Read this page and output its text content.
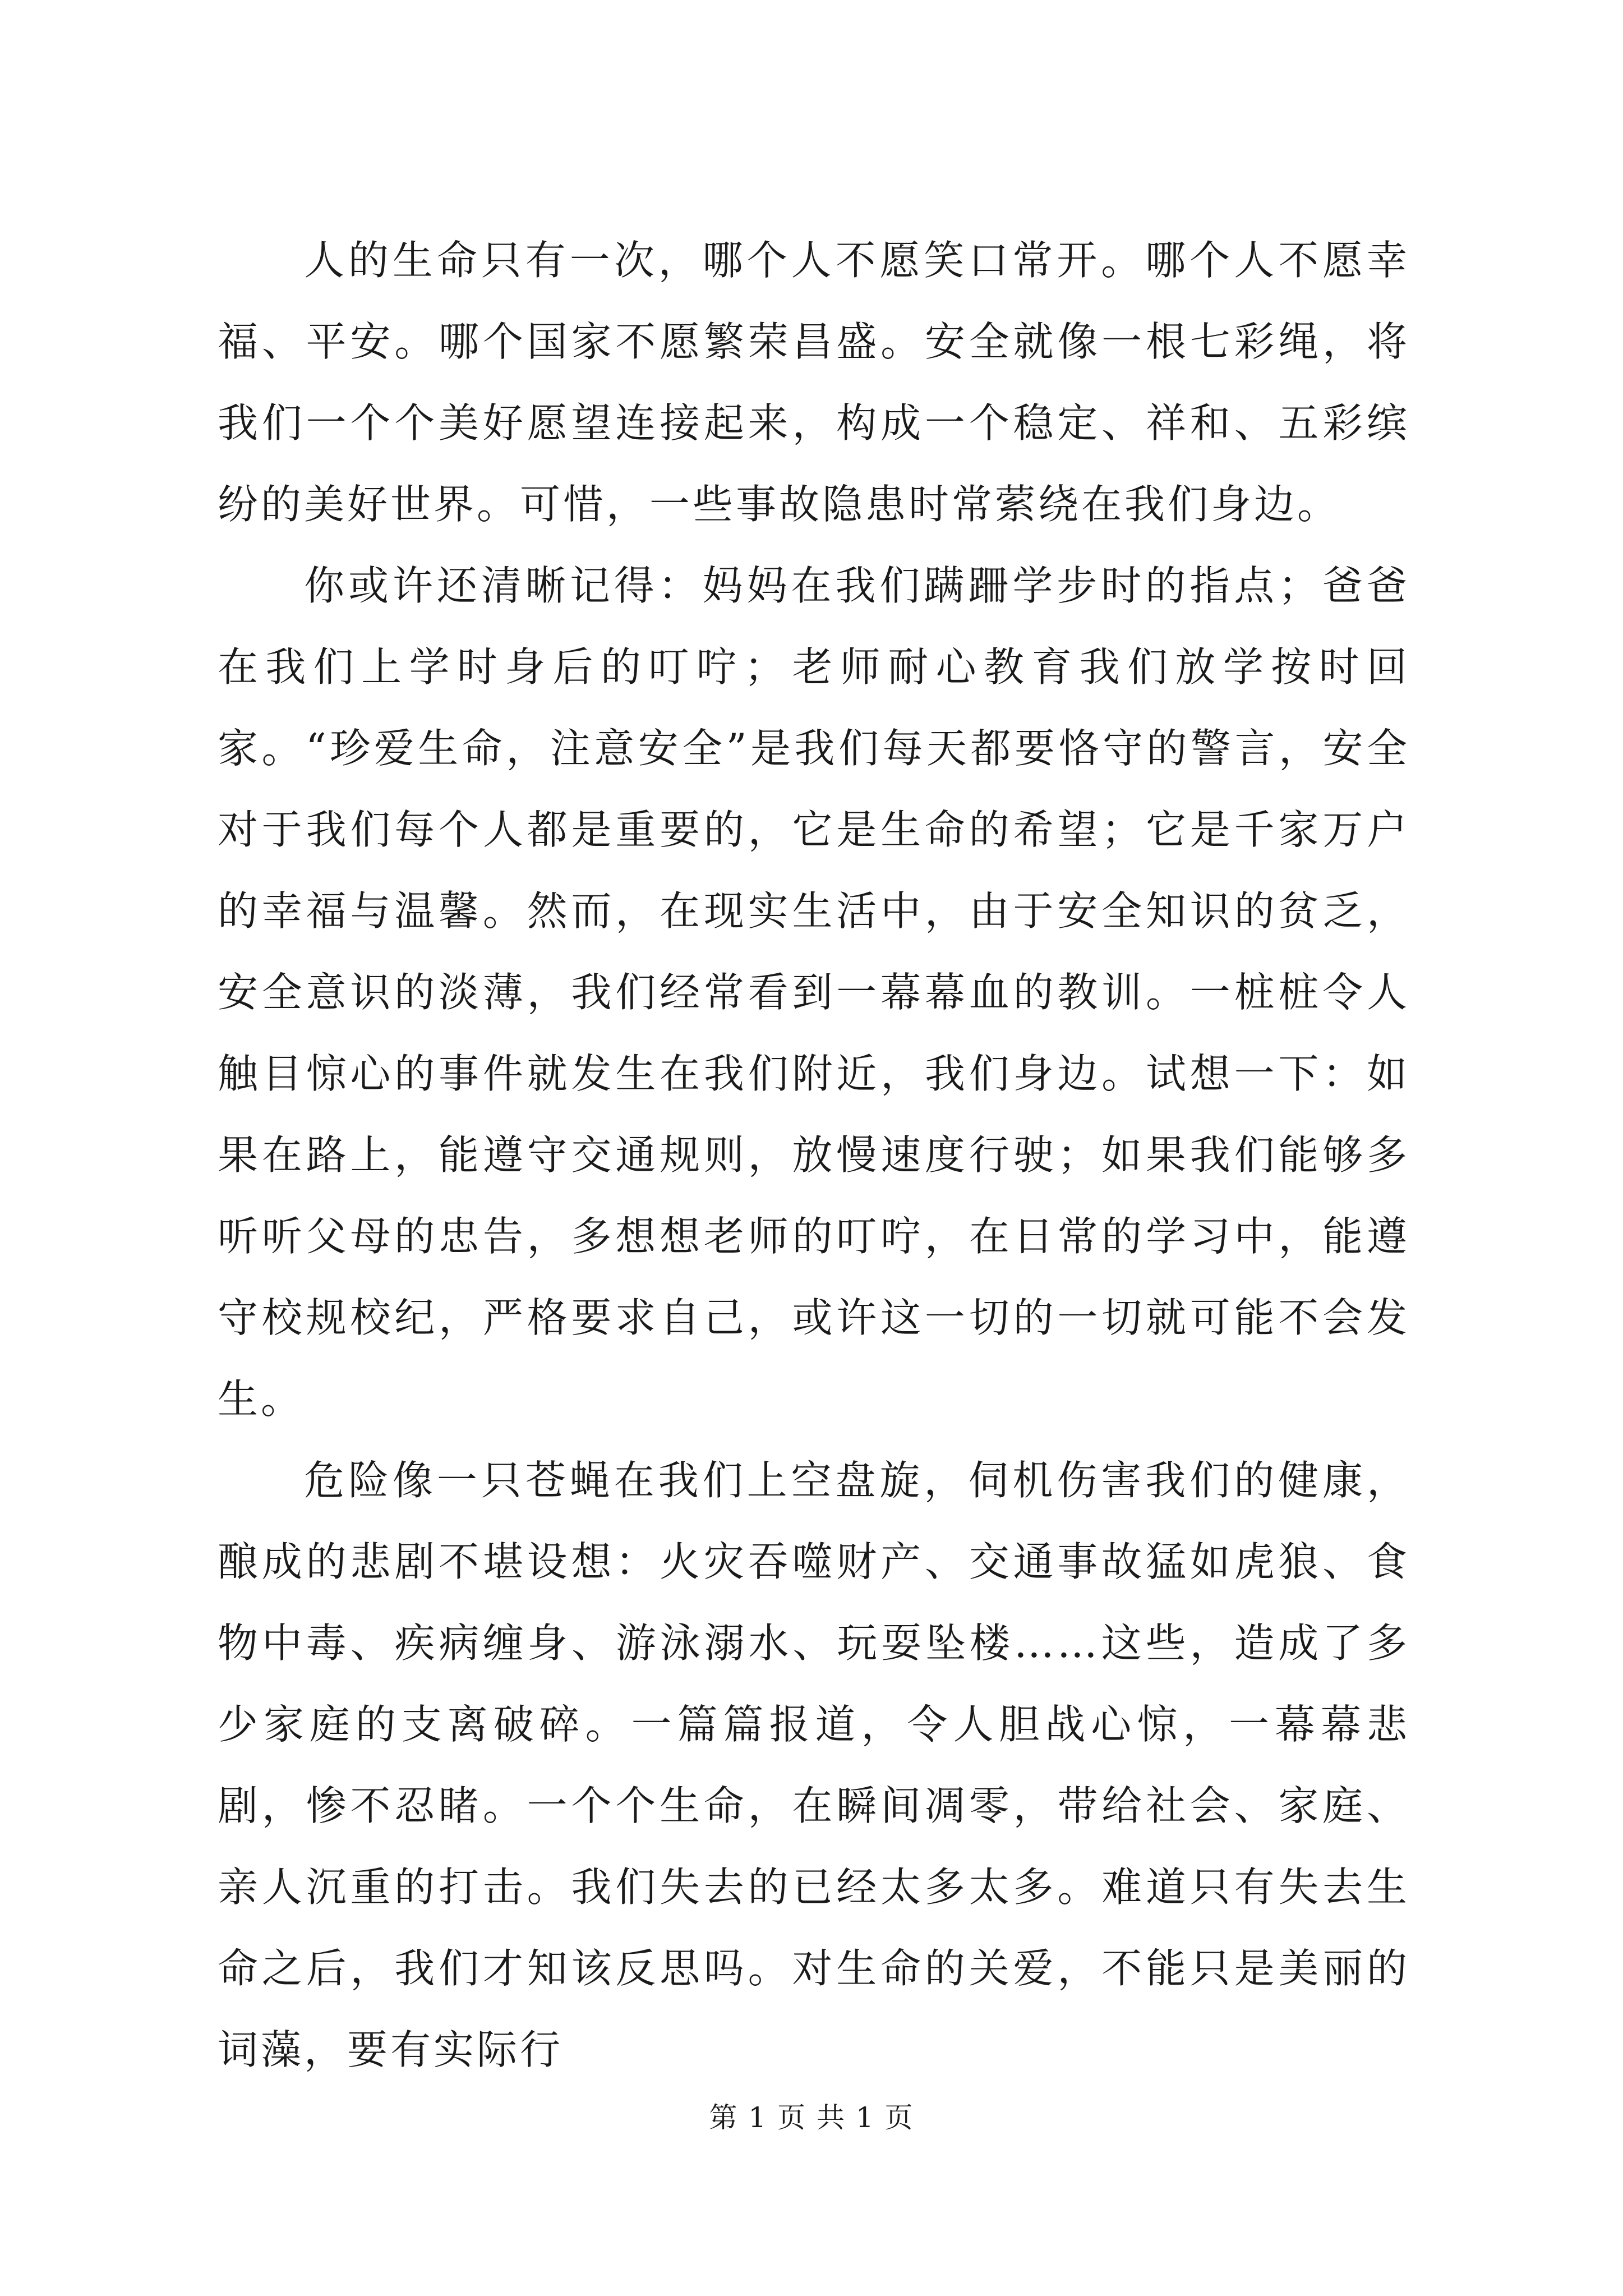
人的生命只有一次，哪个人不愿笑口常开。哪个人不愿幸福、平安。哪个国家不愿繁荣昌盛。安全就像一根七彩绳，将我们一个个美好愿望连接起来，构成一个稳定、祥和、五彩缤纷的美好世界。可惜，一些事故隐患时常萦绕在我们身边。

你或许还清晰记得：妈妈在我们蹒跚学步时的指点；爸爸在我们上学时身后的叮咛；老师耐心教育我们放学按时回家。“珍爱生命，注意安全”是我们每天都要恪守的警言，安全对于我们每个人都是重要的，它是生命的希望；它是千家万户的幸福与温馨。然而，在现实生活中，由于安全知识的贫乏，安全意识的淡薄，我们经常看到一幕幕血的教训。一桩桩令人触目惊心的事件就发生在我们附近，我们身边。试想一下：如果在路上，能遵守交通规则，放慢速度行驶；如果我们能够多听听父母的忠告，多想想老师的叮咛，在日常的学习中，能遵守校规校纪，严格要求自己，或许这一切的一切就可能不会发生。

危险像一只苍蝇在我们上空盘旋，伺机伤害我们的健康，酿成的悲剧不堪设想：火灾吞噬财产、交通事故猛如虎狼、食物中毒、疾病缠身、游泳溺水、玩耍坠楼……这些，造成了多少家庭的支离破碎。一篇篇报道，令人胆战心惊，一幕幕悲剧，惨不忍睹。一个个生命，在瞬间凋零，带给社会、家庭、亲人沉重的打击。我们失去的已经太多太多。难道只有失去生命之后，我们才知该反思吗。对生命的关爱，不能只是美丽的词藻，要有实际行

第 1 页 共 1 页
